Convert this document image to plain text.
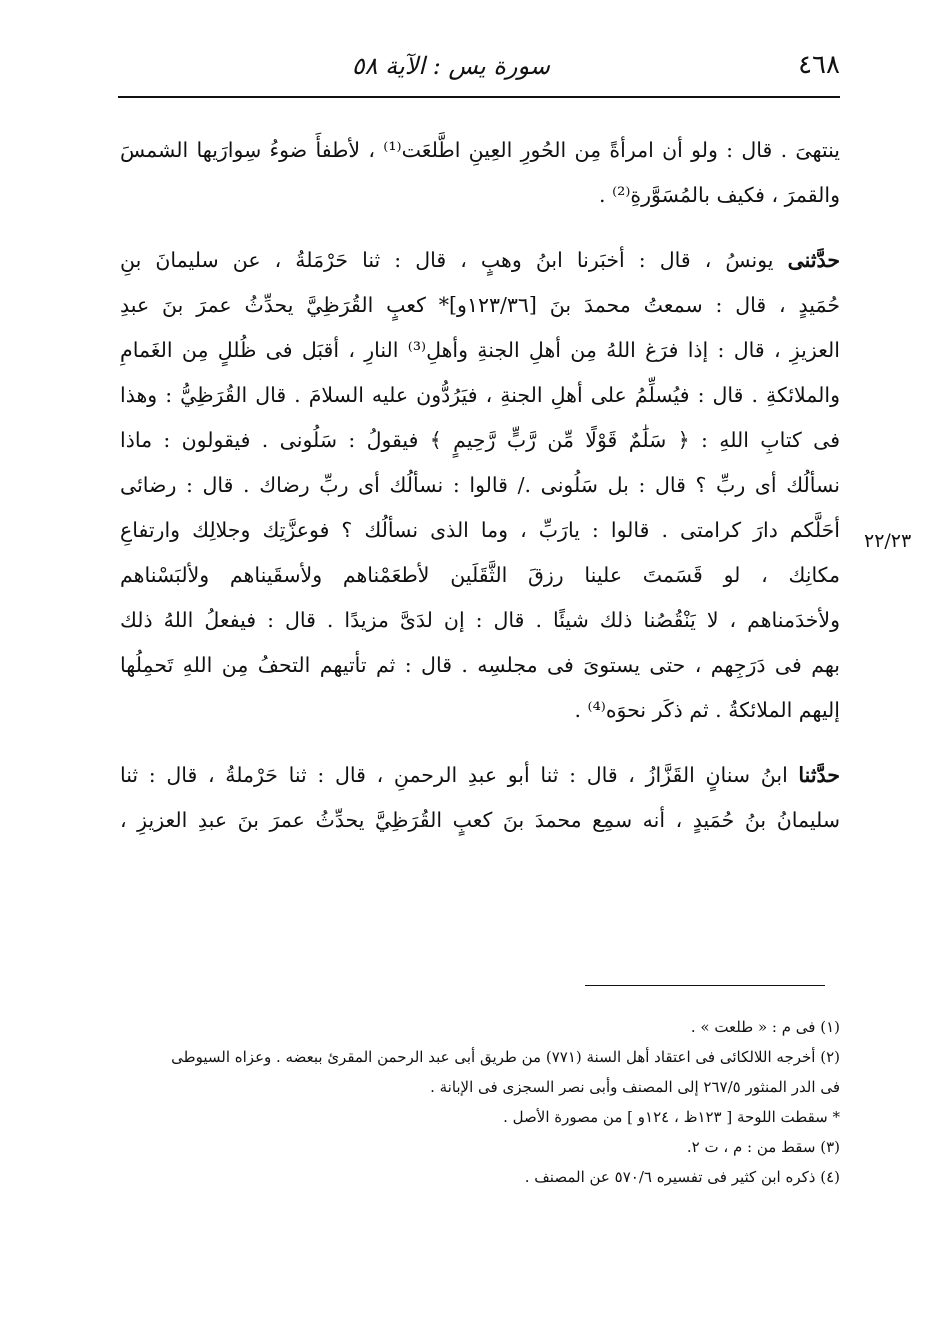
٤٦٨
سورة يس : الآية ٥٨
٢٢/٢٣

ينتهىَ . قال : ولو أن امرأةً مِن الحُورِ العِينِ اطَّلعَت⁽¹⁾ ، لأطفأَ ضوءُ سِوارَيها الشمسَ
والقمرَ ، فكيف بالمُسَوَّرةِ⁽²⁾ .

حدَّثنى يونسُ ، قال : أخبَرنا ابنُ وهبٍ ، قال : ثنا حَرْمَلةُ ، عن سليمانَ بنِ
حُمَيدٍ ، قال : سمعتُ محمدَ بنَ [١٢٣/٣٦و]* كعبٍ القُرَظِيَّ يحدِّثُ عمرَ بنَ عبدِ
العزيزِ ، قال : إذا فرَغ اللهُ مِن أهلِ الجنةِ وأهلِ⁽³⁾ النارِ ، أقبَل فى ظُللٍ مِن الغَمامِ
والملائكةِ . قال : فيُسلِّمُ على أهلِ الجنةِ ، فيَرُدُّون عليه السلامَ . قال القُرَظِيُّ : وهذا
فى كتابِ اللهِ : ﴿ سَلَٰمٌ قَوْلًا مِّن رَّبٍّ رَّحِيمٍ ﴾ فيقولُ : سَلُونى . فيقولون : ماذا
نسألُك أى ربِّ ؟ قال : بل سَلُونى ./ قالوا : نسألُك أى ربِّ رضاك . قال : رضائى
أحَلَّكم دارَ كرامتى . قالوا : يارَبِّ ، وما الذى نسألُك ؟ فوعزَّتِك وجلالِك وارتفاعِ
مكانِك ، لو قَسَمتَ علينا رزقَ الثَّقَلَين لأطعَمْناهم ولأسقَيناهم ولألبَسْناهم
ولأخدَمناهم ، لا يَنْقُصُنا ذلك شيئًا . قال : إن لدَىَّ مزيدًا . قال : فيفعلُ اللهُ ذلك
بهم فى دَرَجِهم ، حتى يستوىَ فى مجلسِه . قال : ثم تأتيهم التحفُ مِن اللهِ تَحمِلُها
إليهم الملائكةُ . ثم ذكَر نحوَه⁽⁴⁾ .

حدَّثنا ابنُ سنانٍ القَزَّازُ ، قال : ثنا أبو عبدِ الرحمنِ ، قال : ثنا حَرْملةُ ، قال : ثنا
سليمانُ بنُ حُمَيدٍ ، أنه سمِع محمدَ بنَ كعبٍ القُرَظِيَّ يحدِّثُ عمرَ بنَ عبدِ العزيزِ ،

(١) فى م : « طلعت » .
(٢) أخرجه اللالكائى فى اعتقاد أهل السنة (٧٧١) من طريق أبى عبد الرحمن المقرئ ببعضه . وعزاه السيوطى
فى الدر المنثور ٢٦٧/٥ إلى المصنف وأبى نصر السجزى فى الإبانة .
* سقطت اللوحة [ ١٢٣ظ ، ١٢٤و ] من مصورة الأصل .
(٣) سقط من : م ، ت ٢.
(٤) ذكره ابن كثير فى تفسيره ٥٧٠/٦ عن المصنف .
